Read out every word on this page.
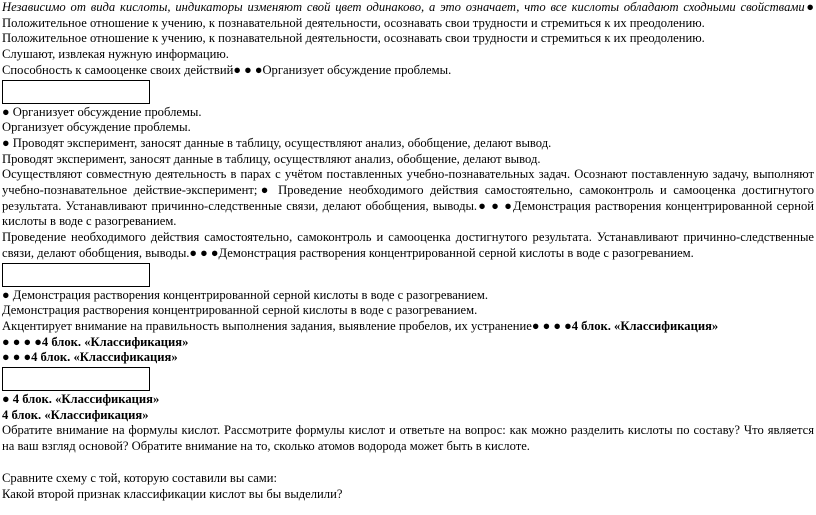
Независимо от вида кислоты, индикаторы изменяют свой цвет одинаково, а это означает, что все кислоты обладают сходными свойствами● Положительное отношение к учению, к познавательной деятельности, осознавать свои трудности и стремиться к их преодолению.
Положительное отношение к учению, к познавательной деятельности, осознавать свои трудности и стремиться к их преодолению.
Слушают, извлекая нужную информацию.
Способность к самооценке своих действий● ● ●Организует обсуждение проблемы.
● Организует обсуждение проблемы.
Организует обсуждение проблемы.
● Проводят эксперимент, заносят данные в таблицу, осуществляют анализ, обобщение, делают вывод.
Проводят эксперимент, заносят данные в таблицу, осуществляют анализ, обобщение, делают вывод.
Осуществляют совместную деятельность в парах с учётом поставленных учебно-познавательных задач. Осознают поставленную задачу, выполняют учебно-познавательное действие-эксперимент;● Проведение необходимого действия самостоятельно, самоконтроль и самооценка достигнутого результата. Устанавливают причинно-следственные связи, делают обобщения, выводы.● ● ●Демонстрация растворения концентрированной серной кислоты в воде с разогреванием.
Проведение необходимого действия самостоятельно, самоконтроль и самооценка достигнутого результата. Устанавливают причинно-следственные связи, делают обобщения, выводы.● ● ●Демонстрация растворения концентрированной серной кислоты в воде с разогреванием.
● Демонстрация растворения концентрированной серной кислоты в воде с разогреванием.
Демонстрация растворения концентрированной серной кислоты в воде с разогреванием.
Акцентирует внимание на правильность выполнения задания, выявление пробелов, их устранение● ● ● ●4 блок. «Классификация»
● ● ● ●4 блок. «Классификация»
● ● ●4 блок. «Классификация»
● 4 блок. «Классификация»
4 блок. «Классификация»
Обратите внимание на формулы кислот. Рассмотрите формулы кислот и ответьте на вопрос: как можно разделить кислоты по составу? Что является на ваш взгляд основой? Обратите внимание на то, сколько атомов водорода может быть в кислоте.
Сравните схему с той, которую составили вы сами:
Какой второй признак классификации кислот вы бы выделили?
